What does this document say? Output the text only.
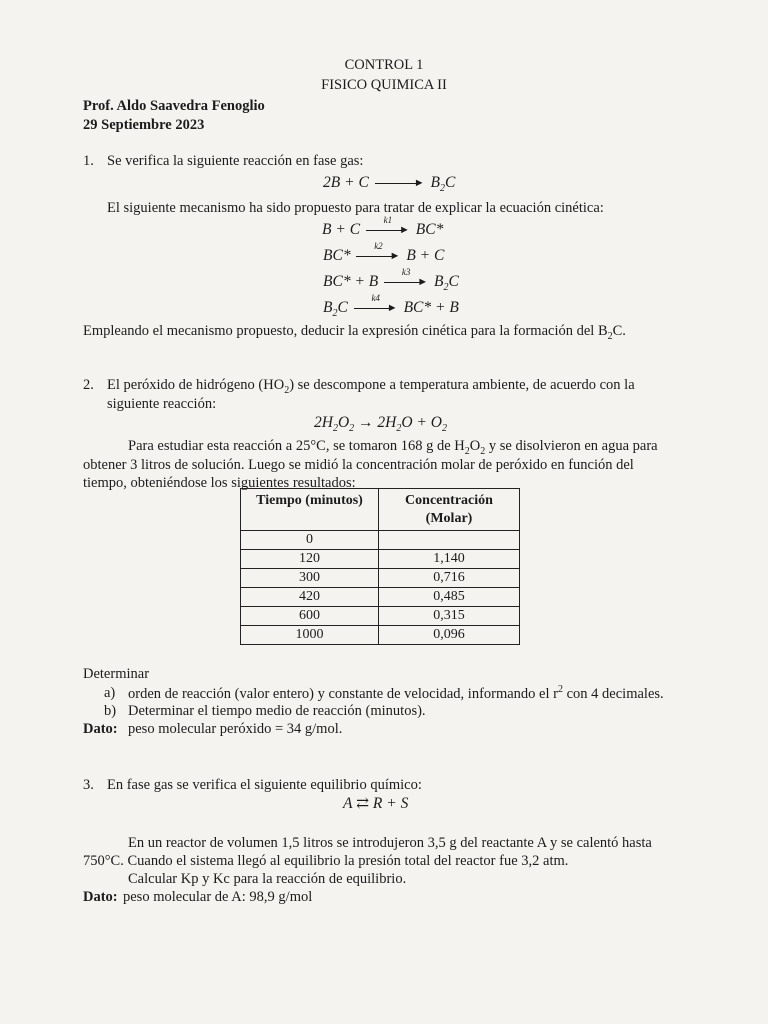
CONTROL 1
FISICO QUIMICA II
Prof. Aldo Saavedra Fenoglio
29 Septiembre 2023
1. Se verifica la siguiente reacción en fase gas:
2B + C	► $B_2C$
El siguiente mecanismo ha sido propuesto para tratar de explicar la ecuación cinética:
B + C
k1
► BC*
BC*
k2
► B + C
BC* + B
k3
► $B_2C$
$B_2C$
k4
► BC* + B
Empleando el mecanismo propuesto, deducir la expresión cinética para la formación del $B_2C$.
2. El peróxido de hidrógeno $(HO_2)$ se descompone a temperatura ambiente, de acuerdo con la
siguiente reacción:
$2H_2O_2 \to 2H_2O + O_2$
Para estudiar esta reacción a 25°C, se tomaron 168 g de $H_2O_2$ y se disolvieron en agua para
obtener 3 litros de solución. Luego se midió la concentración molar de peróxido en función del
tiempo, obteniéndose los siguientes resultados:
Tiempo (minutos)	Concentración
(Molar)
0	
120	1,140
300	0,716
420	0,485
600	0,315
1000	0,096
Determinar
a) orden de reacción (valor entero) y constante de velocidad, informando el $r^2$ con 4 decimales.
b) Determinar el tiempo medio de reacción (minutos).
Dato: peso molecular peróxido = 34 g/mol.
3. En fase gas se verifica el siguiente equilibrio químico:
A ⇄ R + S
En un reactor de volumen 1,5 litros se introdujeron 3,5 g del reactante A y se calentó hasta
750°C. Cuando el sistema llegó al equilibrio la presión total del reactor fue 3,2 atm.
Calcular Kp y Kc para la reacción de equilibrio.
Dato: peso molecular de A: 98,9 g/mol
